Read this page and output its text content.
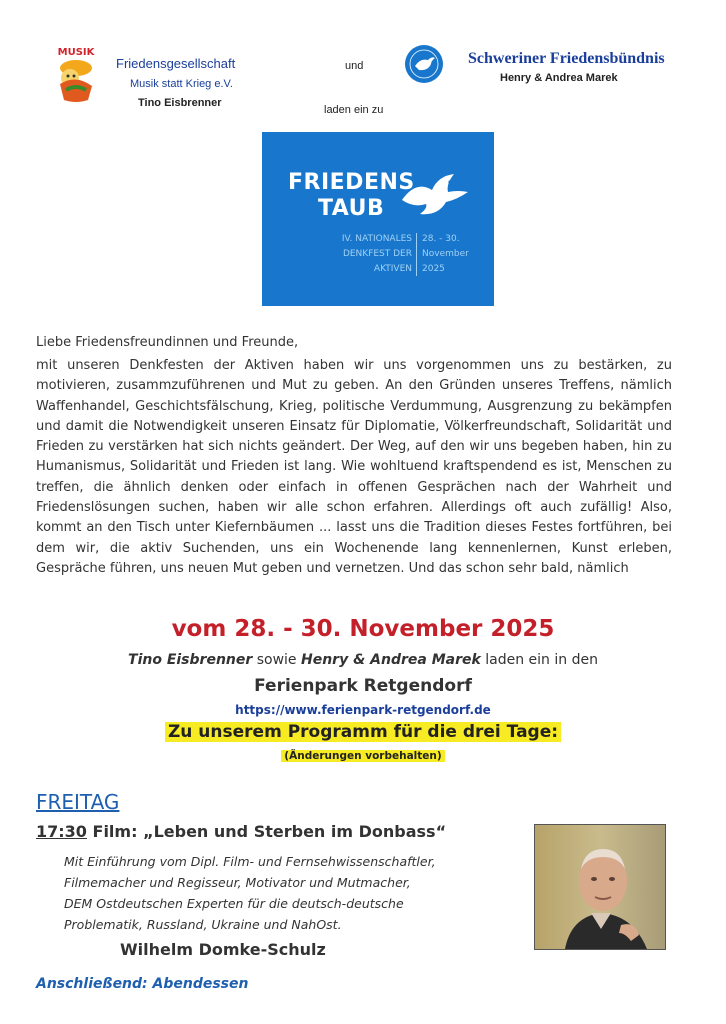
MUSIK
Friedensgesellschaft
Musik statt Krieg e.V.
Tino Eisbrenner
und	Schweriner Friedensbündnis
Henry & Andrea Marek
laden ein zu
FRIEDENS
TAUB
IV. NATIONALES
DENKFEST DER
AKTIVEN
28. - 30.
November
2025
Liebe Friedensfreundinnen und Freunde,
mit unseren Denkfesten der Aktiven haben wir uns vorgenommen uns zu bestärken, zu motivieren, zusammzuführenen und Mut zu geben. An den Gründen unseres Treffens, nämlich Waffenhandel, Geschichtsfälschung, Krieg, politische Verdummung, Ausgrenzung zu bekämpfen und damit die Notwendigkeit unseren Einsatz für Diplomatie, Völkerfreundschaft, Solidarität und Frieden zu verstärken hat sich nichts geändert. Der Weg, auf den wir uns begeben haben, hin zu Humanismus, Solidarität und Frieden ist lang. Wie wohltuend kraftspendend es ist, Menschen zu treffen, die ähnlich denken oder einfach in offenen Gesprächen nach der Wahrheit und Friedenslösungen suchen, haben wir alle schon erfahren. Allerdings oft auch zufällig! Also, kommt an den Tisch unter Kiefernbäumen ... lasst uns die Tradition dieses Festes fortführen, bei dem wir, die aktiv Suchenden, uns ein Wochenende lang kennenlernen, Kunst erleben, Gespräche führen, uns neuen Mut geben und vernetzen. Und das schon sehr bald, nämlich
vom 28. - 30. November 2025
Tino Eisbrenner sowie Henry & Andrea Marek laden ein in den
Ferienpark Retgendorf
https://www.ferienpark-retgendorf.de
Zu unserem Programm für die drei Tage:
(Änderungen vorbehalten)
FREITAG
17:30 Film: „Leben und Sterben im Donbass“
Mit Einführung vom Dipl. Film- und Fernsehwissenschaftler,
Filmemacher und Regisseur, Motivator und Mutmacher,
DEM Ostdeutschen Experten für die deutsch-deutsche
Problematik, Russland, Ukraine und NahOst.
Wilhelm Domke-Schulz
Anschließend: Abendessen
